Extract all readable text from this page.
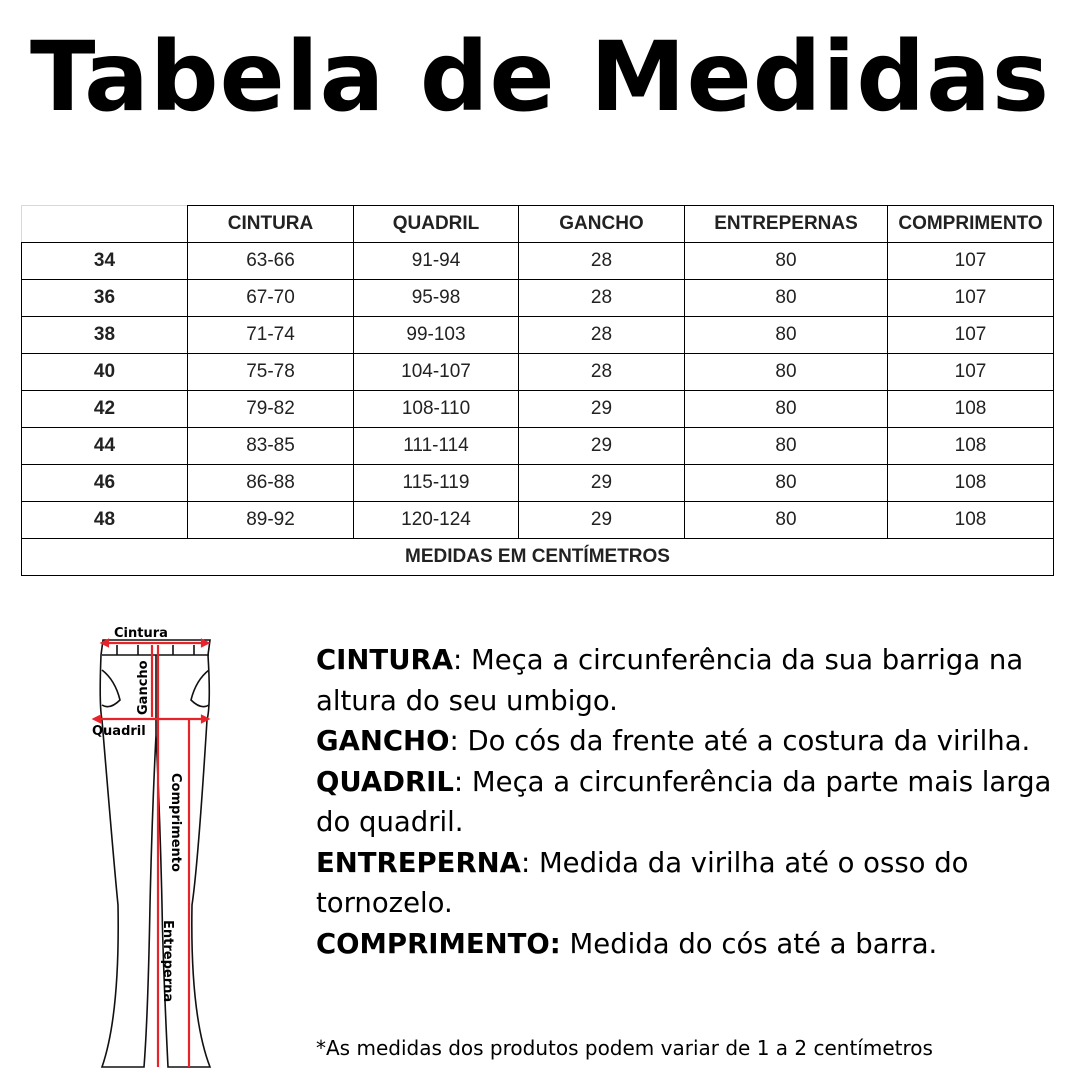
Tabela de Medidas
	CINTURA	QUADRIL	GANCHO	ENTREPERNAS	COMPRIMENTO
34	63-66	91-94	28	80	107
36	67-70	95-98	28	80	107
38	71-74	99-103	28	80	107
40	75-78	104-107	28	80	107
42	79-82	108-110	29	80	108
44	83-85	111-114	29	80	108
46	86-88	115-119	29	80	108
48	89-92	120-124	29	80	108
MEDIDAS EM CENTÍMETROS					
Cintura
Gancho
Quadril
Comprimento
Entreperna

CINTURA: Meça a circunferência da sua barriga na altura do seu umbigo.

GANCHO: Do cós da frente até a costura da virilha.

QUADRIL: Meça a circunferência da parte mais larga do quadril.

ENTREPERNA: Medida da virilha até o osso do tornozelo.

COMPRIMENTO: Medida do cós até a barra.

*As medidas dos produtos podem variar de 1 a 2 centímetros
